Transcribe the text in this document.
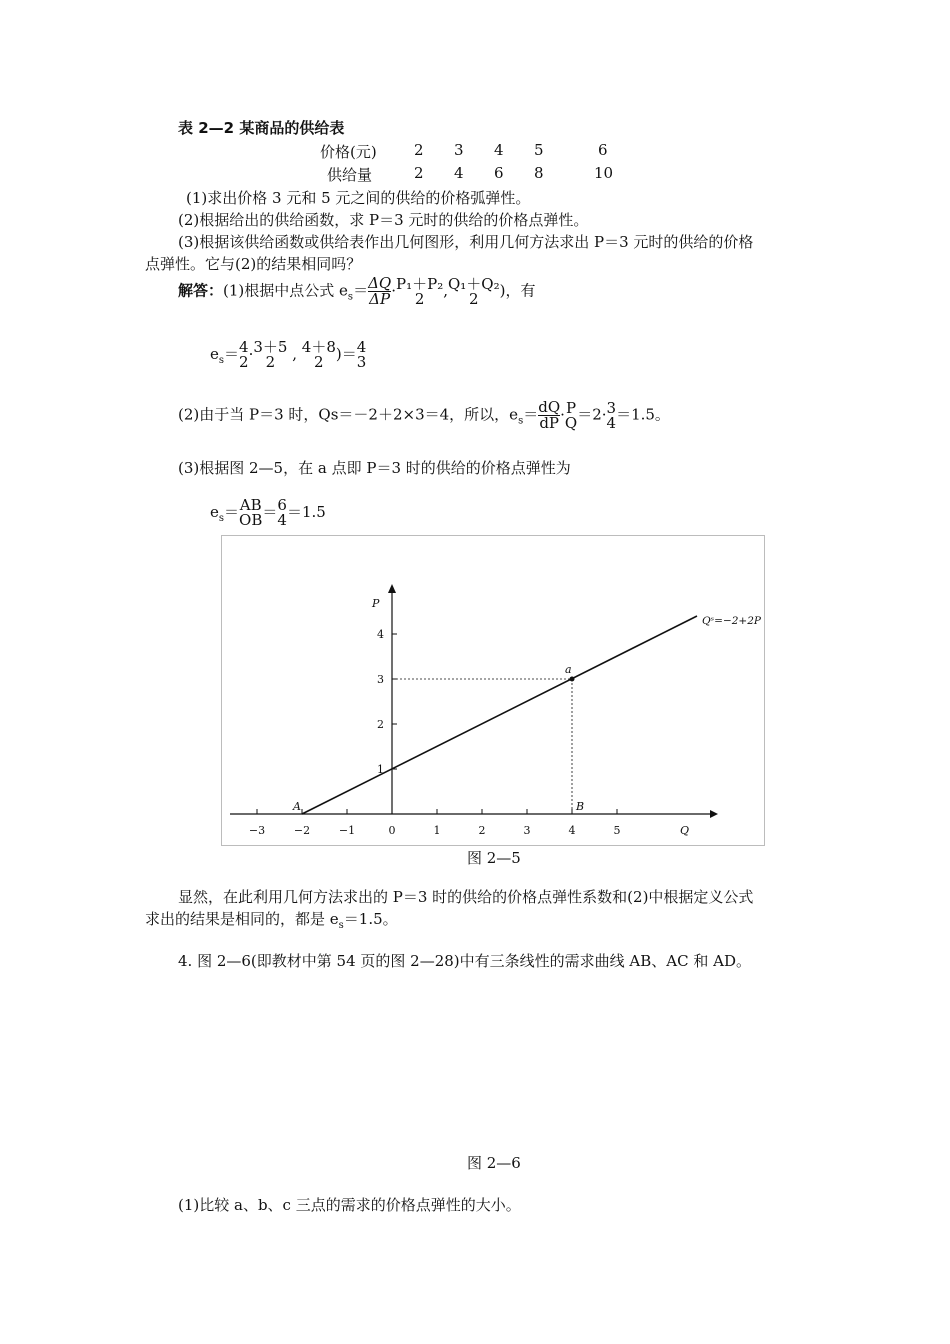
表 2—2 某商品的供给表
价格(元) 2 3 4 5	6
供给量	2 4 6 8	10
(1)求出价格 3 元和 5 元之间的供给的价格弧弹性。
(2)根据给出的供给函数，求 P＝3 元时的供给的价格点弹性。
(3)根据该供给函数或供给表作出几何图形，利用几何方法求出 P＝3 元时的供给的价格
点弹性。它与(2)的结果相同吗？
解答：(1)根据中点公式 $e_s= \frac{\Delta Q}{\Delta P} \cdot P_1+P_2$
2	, Q₁＋Q₂
2	)，有
$e_s= 4$
2 · 3＋5
2 , 4＋8
2 )＝ 4
3
(2)由于当 P＝3 时，Qs＝－2＋2×3＝4，所以，$e_s= \frac{dQ}{dP} \cdot P$
Q ＝2· 3
4 ＝1.5。
(3)根据图 2—5，在 a 点即 P＝3 时的供给的价格点弹性为
$e_s=$ AB
OB ＝ 6
4 ＝1.5
−3	−2	−1	0	1	2	3	4	5
1
2
3
4
P
Q
Qˢ=−2+2P
a
A	B
图 2—5
显然，在此利用几何方法求出的 P＝3 时的供给的价格点弹性系数和(2)中根据定义公式
求出的结果是相同的，都是 $e_s=1.5$。
4. 图 2—6(即教材中第 54 页的图 2—28)中有三条线性的需求曲线 AB、AC 和 AD。
图 2—6
(1)比较 a、b、c 三点的需求的价格点弹性的大小。
